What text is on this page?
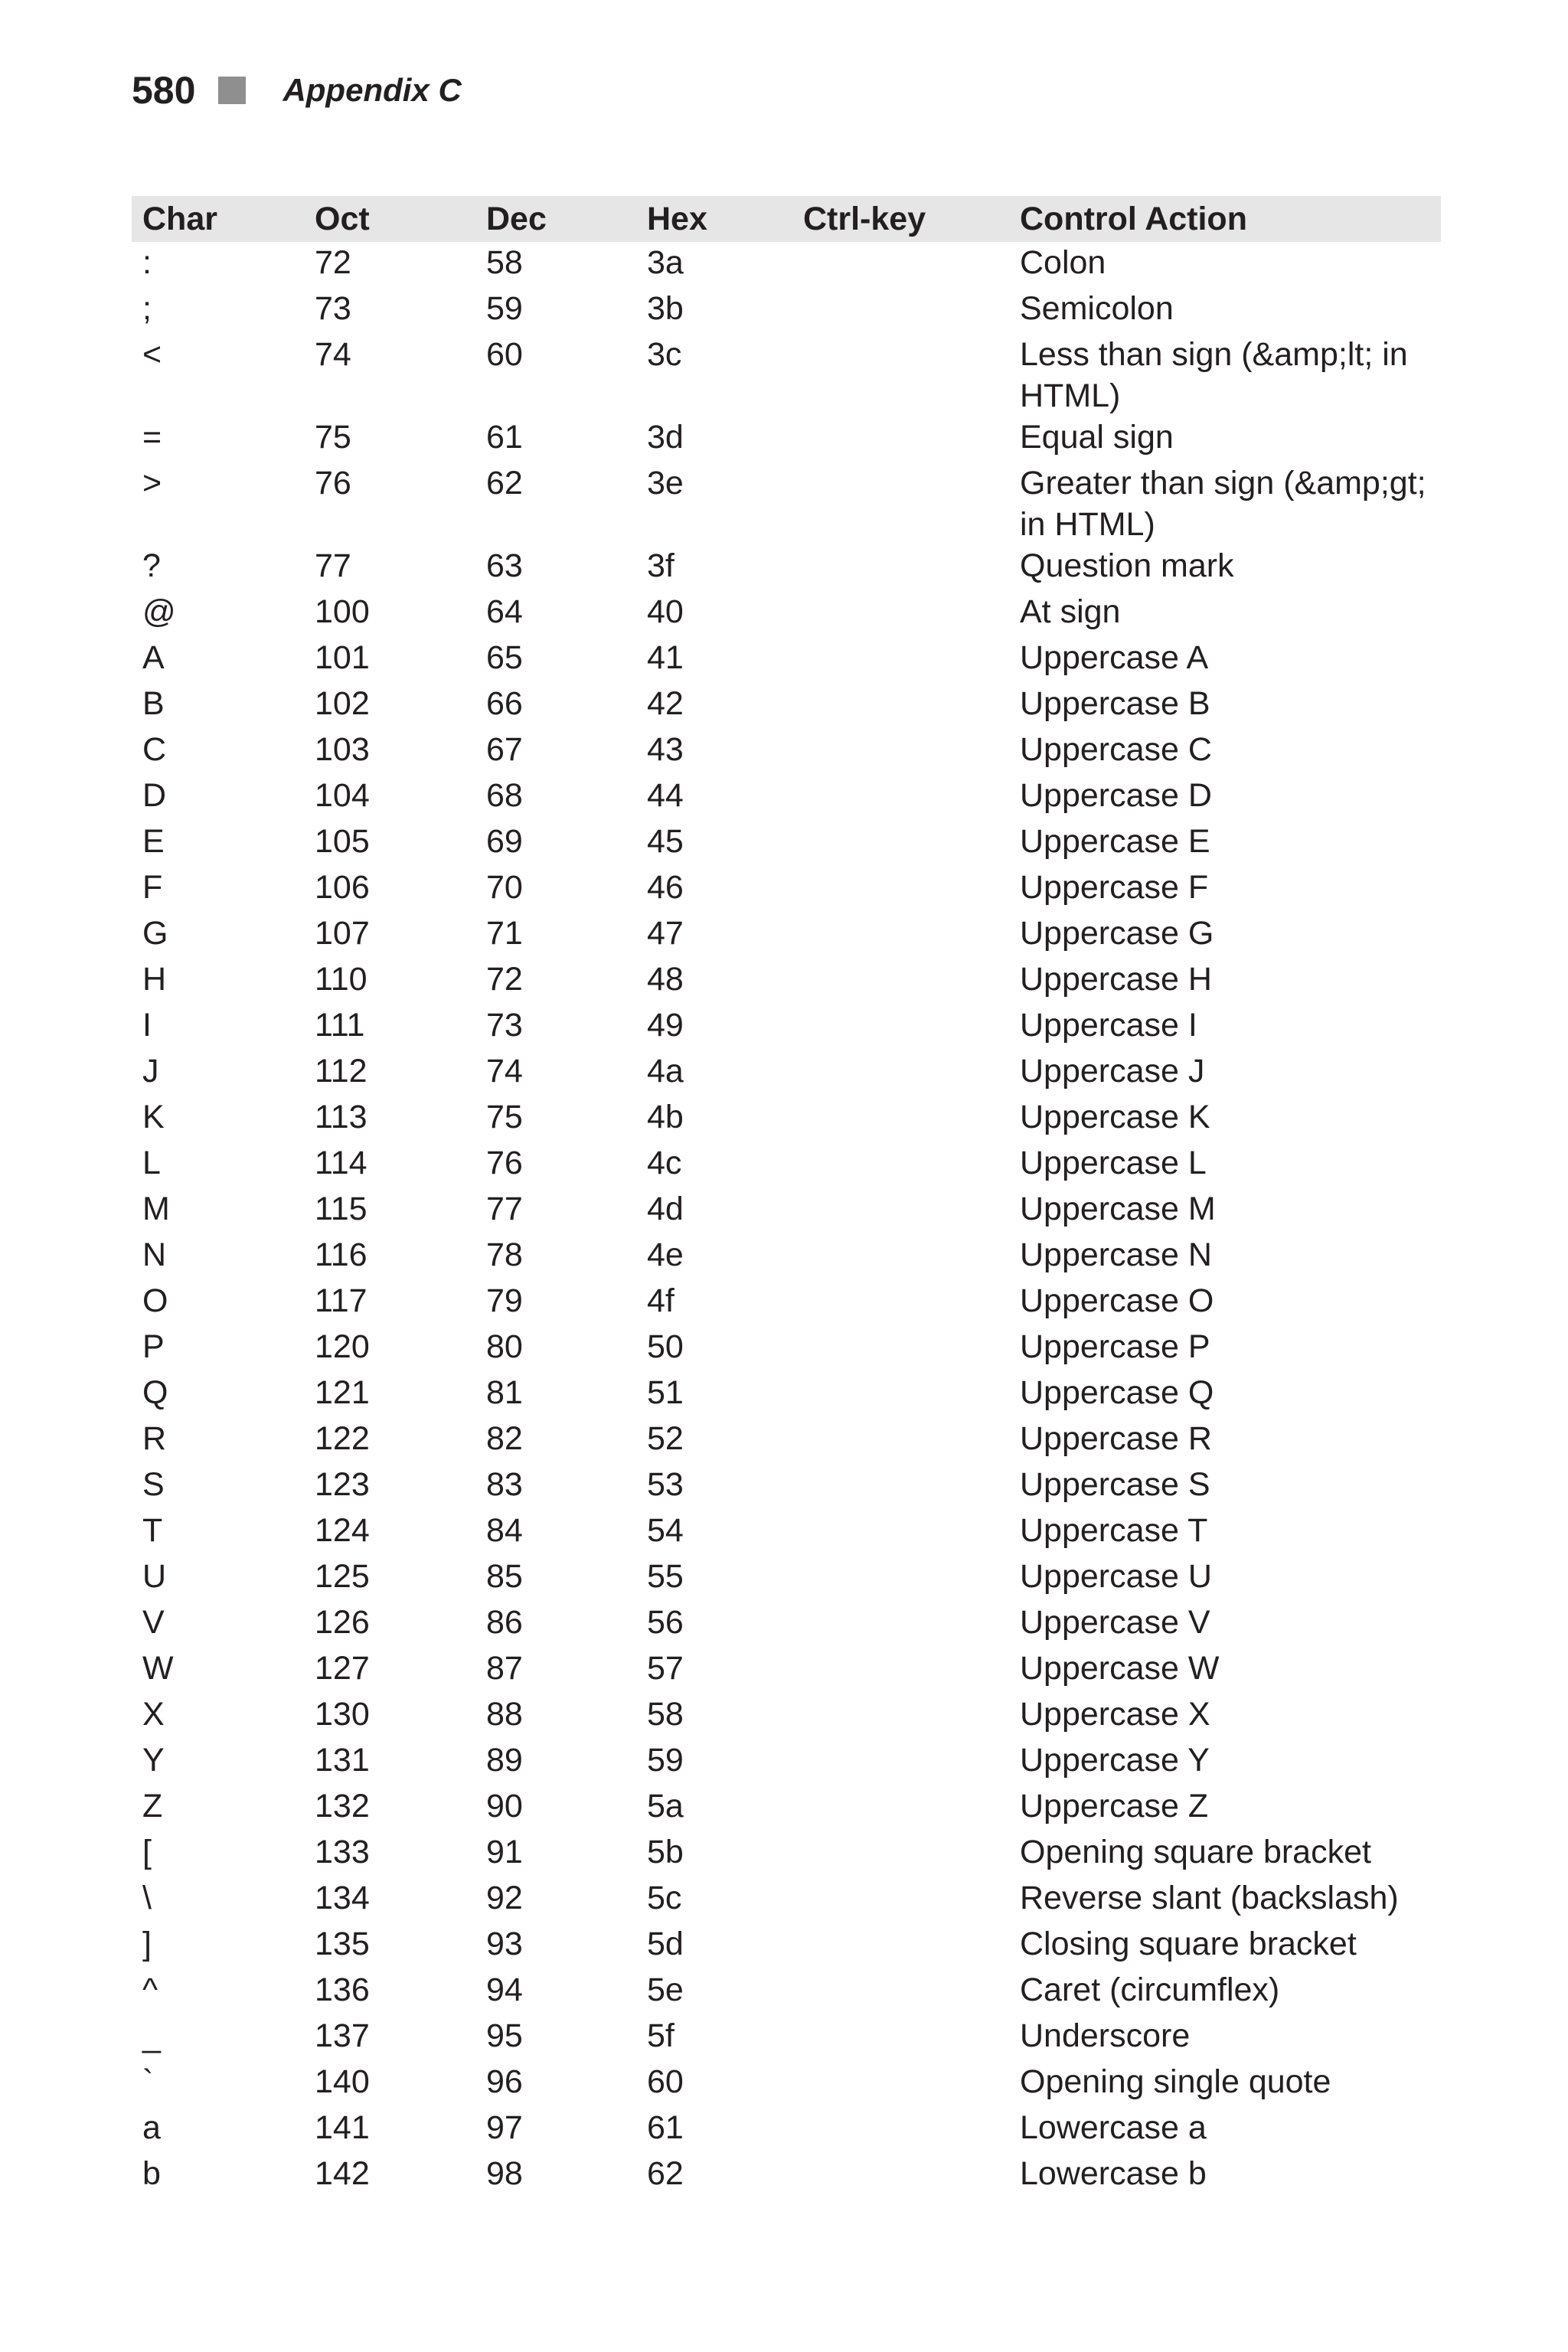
580	Appendix C
Char	Oct	Dec	Hex	Ctrl-key	Control Action
:	72	58	3a		Colon
;	73	59	3b		Semicolon
<	74	60	3c		Less than sign (&amp;lt; in HTML)
=	75	61	3d		Equal sign
>	76	62	3e		Greater than sign (&amp;gt; in HTML)
?	77	63	3f		Question mark
@	100	64	40		At sign
A	101	65	41		Uppercase A
B	102	66	42		Uppercase B
C	103	67	43		Uppercase C
D	104	68	44		Uppercase D
E	105	69	45		Uppercase E
F	106	70	46		Uppercase F
G	107	71	47		Uppercase G
H	110	72	48		Uppercase H
I	111	73	49		Uppercase I
J	112	74	4a		Uppercase J
K	113	75	4b		Uppercase K
L	114	76	4c		Uppercase L
M	115	77	4d		Uppercase M
N	116	78	4e		Uppercase N
O	117	79	4f		Uppercase O
P	120	80	50		Uppercase P
Q	121	81	51		Uppercase Q
R	122	82	52		Uppercase R
S	123	83	53		Uppercase S
T	124	84	54		Uppercase T
U	125	85	55		Uppercase U
V	126	86	56		Uppercase V
W	127	87	57		Uppercase W
X	130	88	58		Uppercase X
Y	131	89	59		Uppercase Y
Z	132	90	5a		Uppercase Z
[	133	91	5b		Opening square bracket
\	134	92	5c		Reverse slant (backslash)
]	135	93	5d		Closing square bracket
^	136	94	5e		Caret (circumflex)
_	137	95	5f		Underscore
`	140	96	60		Opening single quote
a	141	97	61		Lowercase a
b	142	98	62		Lowercase b
